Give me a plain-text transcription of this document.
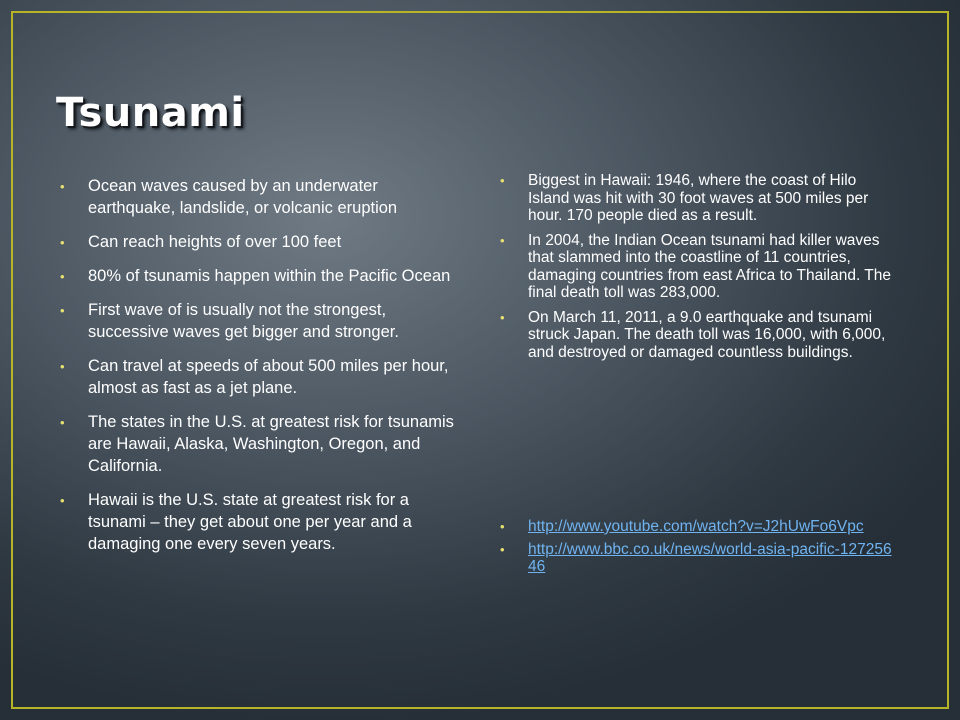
Tsunami
• Ocean waves caused by an underwater earthquake, landslide, or volcanic eruption
• Can reach heights of over 100 feet
• 80% of tsunamis happen within the Pacific Ocean
• First wave of is usually not the strongest, successive waves get bigger and stronger.
• Can travel at speeds of about 500 miles per hour, almost as fast as a jet plane.
• The states in the U.S. at greatest risk for tsunamis are Hawaii, Alaska, Washington, Oregon, and California.
• Hawaii is the U.S. state at greatest risk for a tsunami – they get about one per year and a damaging one every seven years.
• Biggest in Hawaii: 1946, where the coast of Hilo Island was hit with 30 foot waves at 500 miles per hour. 170 people died as a result.
• In 2004, the Indian Ocean tsunami had killer waves that slammed into the coastline of 11 countries, damaging countries from east Africa to Thailand. The final death toll was 283,000.
• On March 11, 2011, a 9.0 earthquake and tsunami struck Japan. The death toll was 16,000, with 6,000, and destroyed or damaged countless buildings.
• http://www.youtube.com/watch?v=J2hUwFo6Vpc
• http://www.bbc.co.uk/news/world-asia-pacific-12725646
